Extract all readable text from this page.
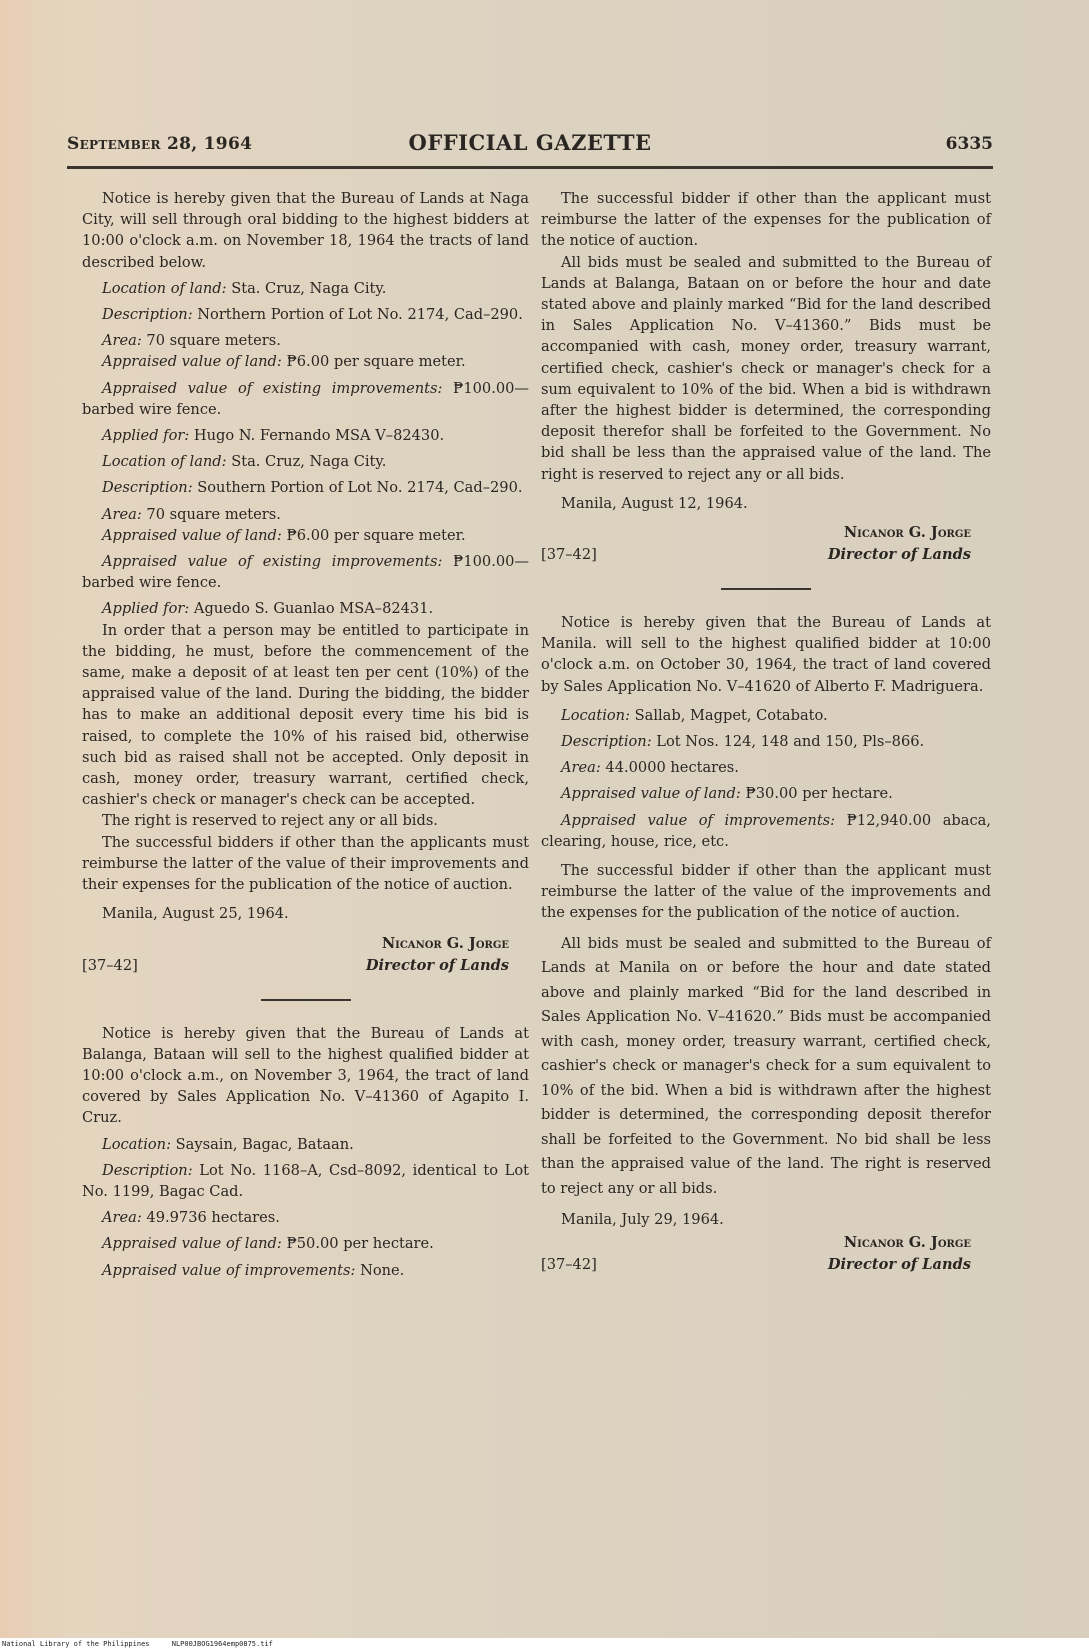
September 28, 1964	OFFICIAL GAZETTE	6335

Notice is hereby given that the Bureau of Lands at Naga City, will sell through oral bidding to the highest bidders at 10:00 o'clock a.m. on November 18, 1964 the tracts of land described below.

Location of land: Sta. Cruz, Naga City.

Description: Northern Portion of Lot No. 2174, Cad–290.

Area: 70 square meters.

Appraised value of land: ₱6.00 per square meter.

Appraised value of existing improvements: ₱100.00—barbed wire fence.

Applied for: Hugo N. Fernando MSA V–82430.

Location of land: Sta. Cruz, Naga City.

Description: Southern Portion of Lot No. 2174, Cad–290.

Area: 70 square meters.

Appraised value of land: ₱6.00 per square meter.

Appraised value of existing improvements: ₱100.00—barbed wire fence.

Applied for: Aguedo S. Guanlao MSA–82431.

In order that a person may be entitled to participate in the bidding, he must, before the commencement of the same, make a deposit of at least ten per cent (10%) of the appraised value of the land. During the bidding, the bidder has to make an additional deposit every time his bid is raised, to complete the 10% of his raised bid, otherwise such bid as raised shall not be accepted. Only deposit in cash, money order, treasury warrant, certified check, cashier's check or manager's check can be accepted.

The right is reserved to reject any or all bids.

The successful bidders if other than the applicants must reimburse the latter of the value of their improvements and their expenses for the publication of the notice of auction.

Manila, August 25, 1964.

Nicanor G. Jorge
[37–42]	Director of Lands

Notice is hereby given that the Bureau of Lands at Balanga, Bataan will sell to the highest qualified bidder at 10:00 o'clock a.m., on November 3, 1964, the tract of land covered by Sales Application No. V–41360 of Agapito I. Cruz.

Location: Saysain, Bagac, Bataan.

Description: Lot No. 1168–A, Csd–8092, identical to Lot No. 1199, Bagac Cad.

Area: 49.9736 hectares.

Appraised value of land: ₱50.00 per hectare.

Appraised value of improvements: None.

The successful bidder if other than the applicant must reimburse the latter of the expenses for the publication of the notice of auction.

All bids must be sealed and submitted to the Bureau of Lands at Balanga, Bataan on or before the hour and date stated above and plainly marked “Bid for the land described in Sales Application No. V–41360.” Bids must be accompanied with cash, money order, treasury warrant, certified check, cashier's check or manager's check for a sum equivalent to 10% of the bid. When a bid is withdrawn after the highest bidder is determined, the corresponding deposit therefor shall be forfeited to the Government. No bid shall be less than the appraised value of the land. The right is reserved to reject any or all bids.

Manila, August 12, 1964.

Nicanor G. Jorge
[37–42]	Director of Lands

Notice is hereby given that the Bureau of Lands at Manila. will sell to the highest qualified bidder at 10:00 o'clock a.m. on October 30, 1964, the tract of land covered by Sales Application No. V–41620 of Alberto F. Madriguera.

Location: Sallab, Magpet, Cotabato.

Description: Lot Nos. 124, 148 and 150, Pls–866.

Area: 44.0000 hectares.

Appraised value of land: ₱30.00 per hectare.

Appraised value of improvements: ₱12,940.00 abaca, clearing, house, rice, etc.

The successful bidder if other than the applicant must reimburse the latter of the value of the improvements and the expenses for the publication of the notice of auction.

All bids must be sealed and submitted to the Bureau of Lands at Manila on or before the hour and date stated above and plainly marked “Bid for the land described in Sales Application No. V–41620.” Bids must be accompanied with cash, money order, treasury warrant, certified check, cashier's check or manager's check for a sum equivalent to 10% of the bid. When a bid is withdrawn after the highest bidder is determined, the corresponding deposit therefor shall be forfeited to the Government. No bid shall be less than the appraised value of the land. The right is reserved to reject any or all bids.

Manila, July 29, 1964.

Nicanor G. Jorge
[37–42]	Director of Lands
National Library of the Philippines	NLP00JBOG1964emp0875.tif
